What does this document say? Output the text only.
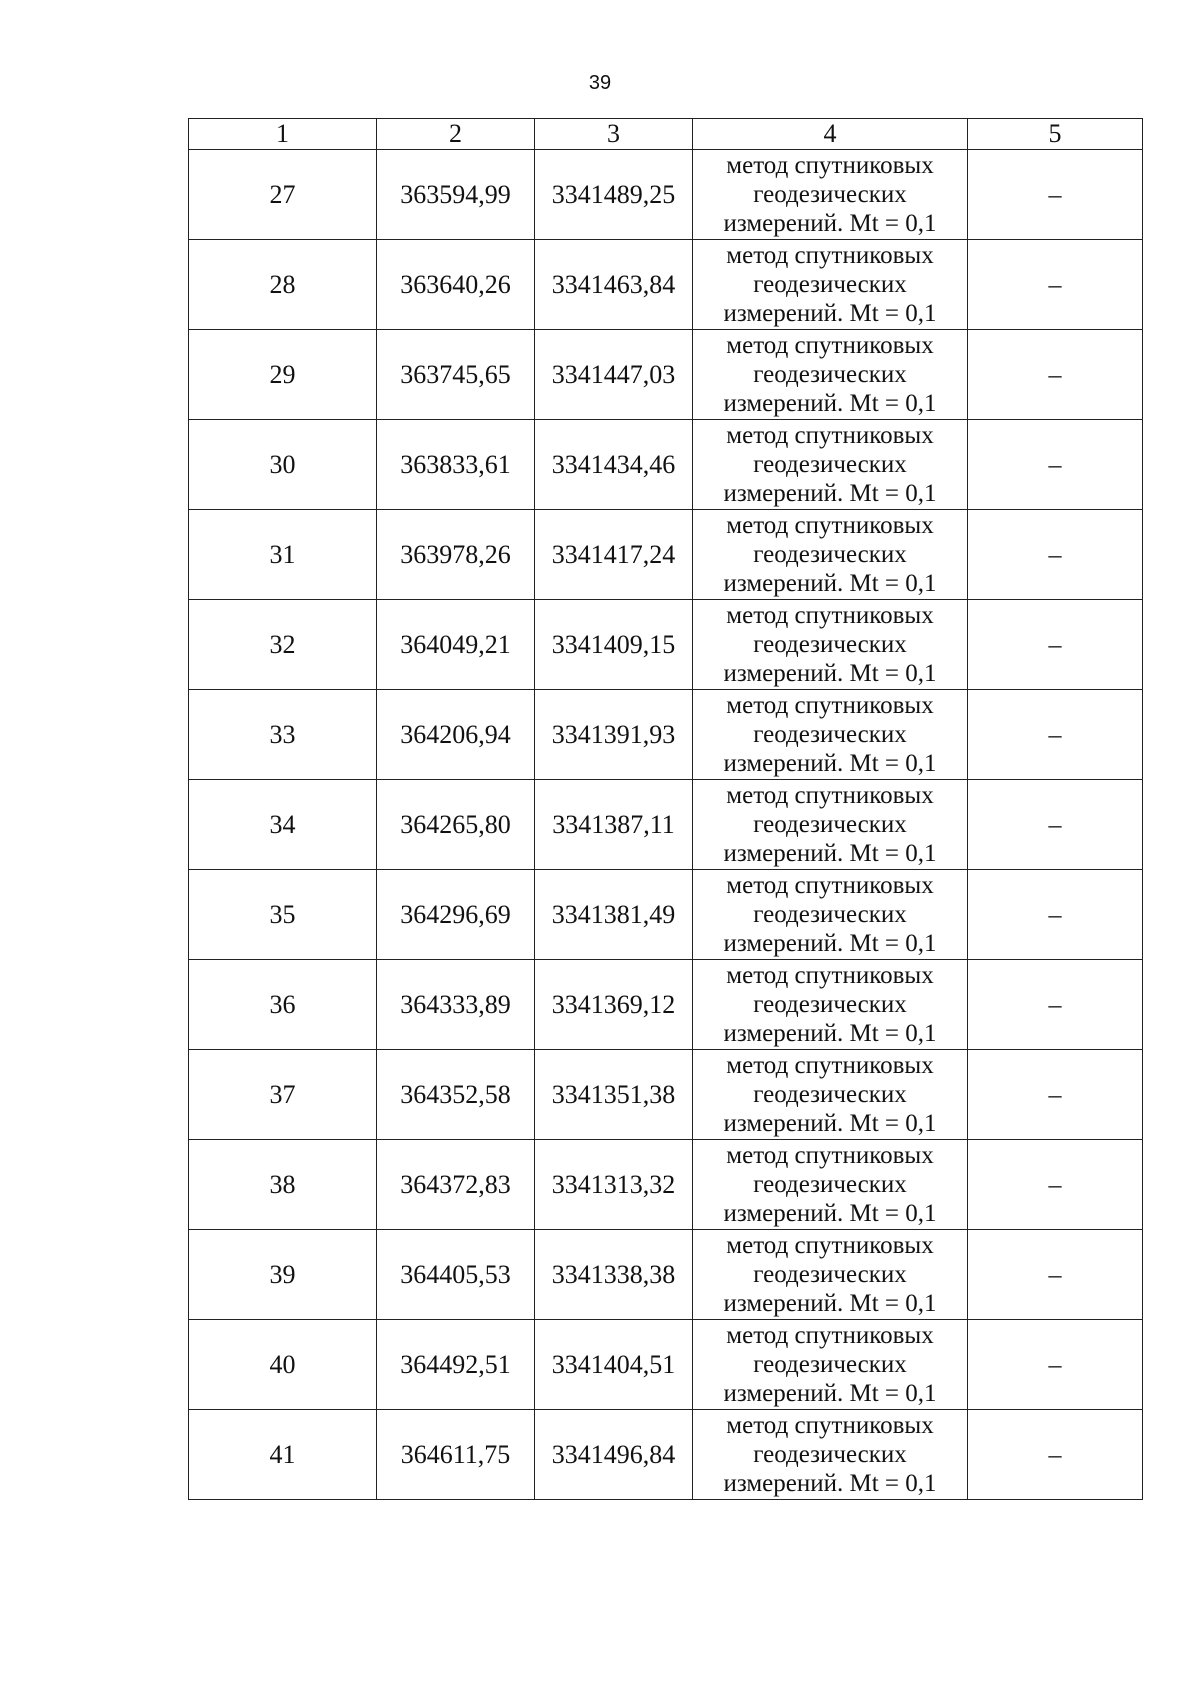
39
1	2	3	4	5
27	363594,99	3341489,25	метод спутниковых
геодезических
измерений. Mt = 0,1	–
28	363640,26	3341463,84	метод спутниковых
геодезических
измерений. Mt = 0,1	–
29	363745,65	3341447,03	метод спутниковых
геодезических
измерений. Mt = 0,1	–
30	363833,61	3341434,46	метод спутниковых
геодезических
измерений. Mt = 0,1	–
31	363978,26	3341417,24	метод спутниковых
геодезических
измерений. Mt = 0,1	–
32	364049,21	3341409,15	метод спутниковых
геодезических
измерений. Mt = 0,1	–
33	364206,94	3341391,93	метод спутниковых
геодезических
измерений. Mt = 0,1	–
34	364265,80	3341387,11	метод спутниковых
геодезических
измерений. Mt = 0,1	–
35	364296,69	3341381,49	метод спутниковых
геодезических
измерений. Mt = 0,1	–
36	364333,89	3341369,12	метод спутниковых
геодезических
измерений. Mt = 0,1	–
37	364352,58	3341351,38	метод спутниковых
геодезических
измерений. Mt = 0,1	–
38	364372,83	3341313,32	метод спутниковых
геодезических
измерений. Mt = 0,1	–
39	364405,53	3341338,38	метод спутниковых
геодезических
измерений. Mt = 0,1	–
40	364492,51	3341404,51	метод спутниковых
геодезических
измерений. Mt = 0,1	–
41	364611,75	3341496,84	метод спутниковых
геодезических
измерений. Mt = 0,1	–
